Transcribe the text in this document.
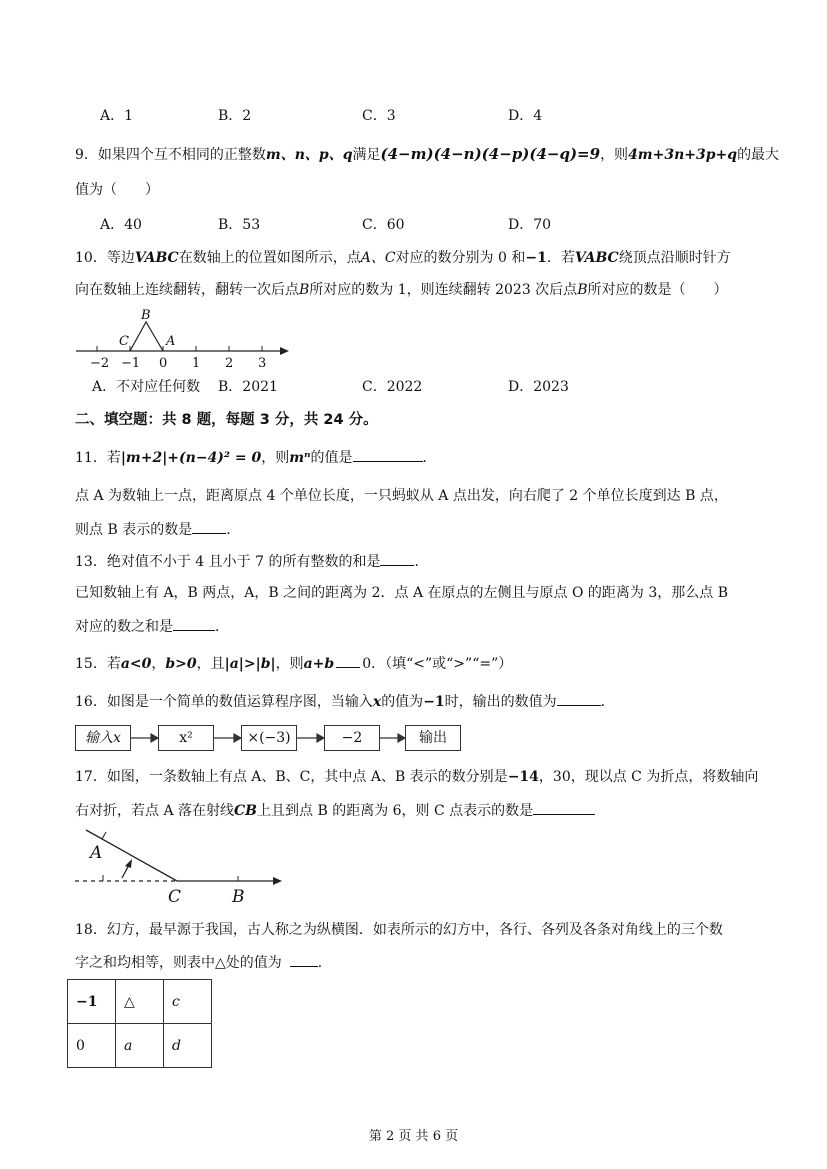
A．1	B．2	C．3	D．4
9．如果四个互不相同的正整数m、n、p、q满足(4−m)(4−n)(4−p)(4−q)=9，则4m+3n+3p+q的最大
值为（　　）
A．40	B．53	C．60	D．70
10．等边VABC在数轴上的位置如图所示，点A、C对应的数分别为 0 和−1．若VABC绕顶点沿顺时针方
向在数轴上连续翻转，翻转一次后点B所对应的数为 1，则连续翻转 2023 次后点B所对应的数是（　　）
−2 −1 0 1 2 3
A
B
C
A．不对应任何数 B．2021	C．2022	D．2023
二、填空题：共 8 题，每题 3 分，共 24 分。
11．若|m+2|+(n−4)² = 0，则mⁿ的值是	．
点 A 为数轴上一点，距离原点 4 个单位长度，一只蚂蚁从 A 点出发，向右爬了 2 个单位长度到达 B 点，
则点 B 表示的数是 ．
13．绝对值不小于 4 且小于 7 的所有整数的和是 ．
已知数轴上有 A，B 两点，A，B 之间的距离为 2．点 A 在原点的左侧且与原点 O 的距离为 3，那么点 B
对应的数之和是	．
15．若a<0，b>0，且|a|>|b|，则a+b 0．（填“<”或“>”“=”）
16．如图是一个简单的数值运算程序图，当输入x的值为−1时，输出的数值为	．
输入x	x²	×(−3)	−2	输出
17．如图，一条数轴上有点 A、B、C，其中点 A、B 表示的数分别是−14，30，现以点 C 为折点，将数轴向
右对折，若点 A 落在射线CB上且到点 B 的距离为 6，则 C 点表示的数是
A
C	B
18．幻方，最早源于我国，古人称之为纵横图．如表所示的幻方中，各行、各列及各条对角线上的三个数
字之和均相等，则表中△处的值为	．
−1	△	c
0	a	d
第 2 页 共 6 页
